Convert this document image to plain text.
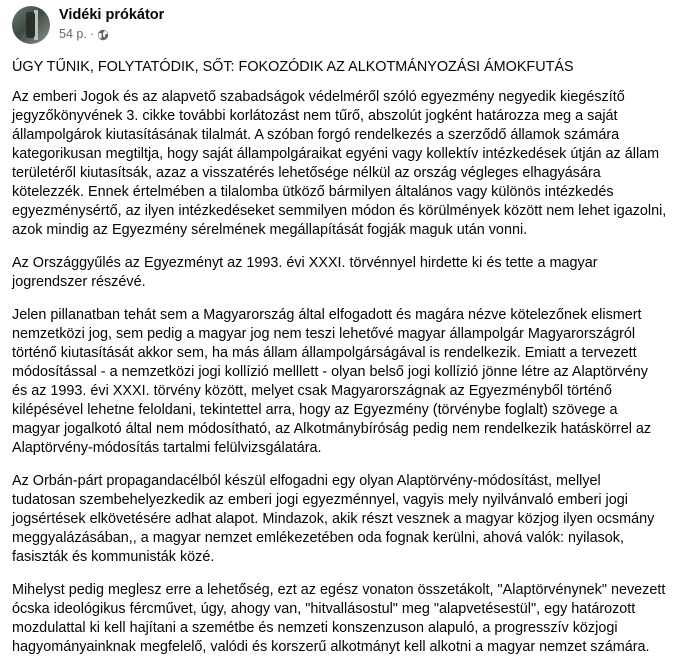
Vidéki prókátor
54 p. ·

ÚGY TŰNIK, FOLYTATÓDIK, SŐT: FOKOZÓDIK AZ ALKOTMÁNYOZÁSI ÁMOKFUTÁS

Az emberi Jogok és az alapvető szabadságok védelméről szóló egyezmény negyedik kiegészítő jegyzőkönyvének 3. cikke további korlátozást nem tűrő, abszolút jogként határozza meg a saját állampolgárok kiutasításának tilalmát. A szóban forgó rendelkezés a szerződő államok számára kategorikusan megtiltja, hogy saját állampolgáraikat egyéni vagy kollektív intézkedések útján az állam területéről kiutasítsák, azaz a visszatérés lehetősége nélkül az ország végleges elhagyására kötelezzék. Ennek értelmében a tilalomba ütköző bármilyen általános vagy különös intézkedés egyezménysértő, az ilyen intézkedéseket semmilyen módon és körülmények között nem lehet igazolni, azok mindig az Egyezmény sérelmének megállapítását fogják maguk után vonni.

Az Országgyűlés az Egyezményt az 1993. évi XXXI. törvénnyel hirdette ki és tette a magyar jogrendszer részévé.

Jelen pillanatban tehát sem a Magyarország által elfogadott és magára nézve kötelezőnek elismert nemzetközi jog, sem pedig a magyar jog nem teszi lehetővé magyar állampolgár Magyarországról történő kiutasítását akkor sem, ha más állam állampolgárságával is rendelkezik. Emiatt a tervezett módosítással - a nemzetközi jogi kollízió melllett - olyan belső jogi kollízió jönne létre az Alaptörvény és az 1993. évi XXXI. törvény között, melyet csak Magyarországnak az Egyezményből történő kilépésével lehetne feloldani, tekintettel arra, hogy az Egyezmény (törvénybe foglalt) szövege a magyar jogalkotó által nem módosítható, az Alkotmánybíróság pedig nem rendelkezik hatáskörrel az Alaptörvény-módosítás tartalmi felülvizsgálatára.

Az Orbán-párt propagandacélból készül elfogadni egy olyan Alaptörvény-módosítást, mellyel tudatosan szembehelyezkedik az emberi jogi egyezménnyel, vagyis mely nyilvánvaló emberi jogi jogsértések elkövetésére adhat alapot. Mindazok, akik részt vesznek a magyar közjog ilyen ocsmány meggyalázásában,, a magyar nemzet emlékezetében oda fognak kerülni, ahová valók: nyilasok, fasiszták és kommunisták közé.

Mihelyst pedig meglesz erre a lehetőség, ezt az egész vonaton összetákolt, "Alaptörvénynek" nevezett ócska ideológikus fércművet, úgy, ahogy van, "hitvallásostul" meg "alapvetésestül", egy határozott mozdulattal ki kell hajítani a szemétbe és nemzeti konszenzuson alapuló, a progresszív közjogi hagyományainknak megfelelő, valódi és korszerű alkotmányt kell alkotni a magyar nemzet számára.
